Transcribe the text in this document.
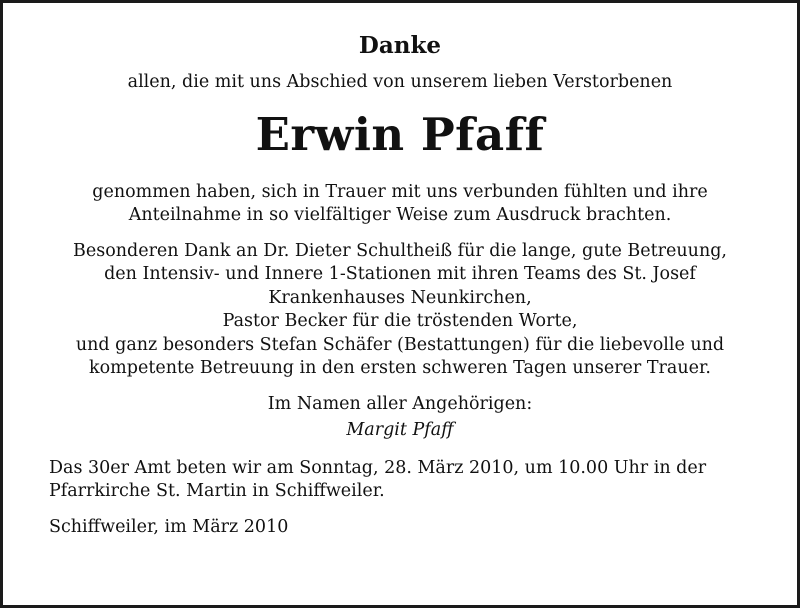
Danke
allen, die mit uns Abschied von unserem lieben Verstorbenen
Erwin Pfaff
genommen haben, sich in Trauer mit uns verbunden fühlten und ihre
Anteilnahme in so vielfältiger Weise zum Ausdruck brachten.
Besonderen Dank an Dr. Dieter Schultheiß für die lange, gute Betreuung,
den Intensiv- und Innere 1-Stationen mit ihren Teams des St. Josef
Krankenhauses Neunkirchen,
Pastor Becker für die tröstenden Worte,
und ganz besonders Stefan Schäfer (Bestattungen) für die liebevolle und
kompetente Betreuung in den ersten schweren Tagen unserer Trauer.
Im Namen aller Angehörigen:
Margit Pfaff
Das 30er Amt beten wir am Sonntag, 28. März 2010, um 10.00 Uhr in der
Pfarrkirche St. Martin in Schiffweiler.
Schiffweiler, im März 2010
